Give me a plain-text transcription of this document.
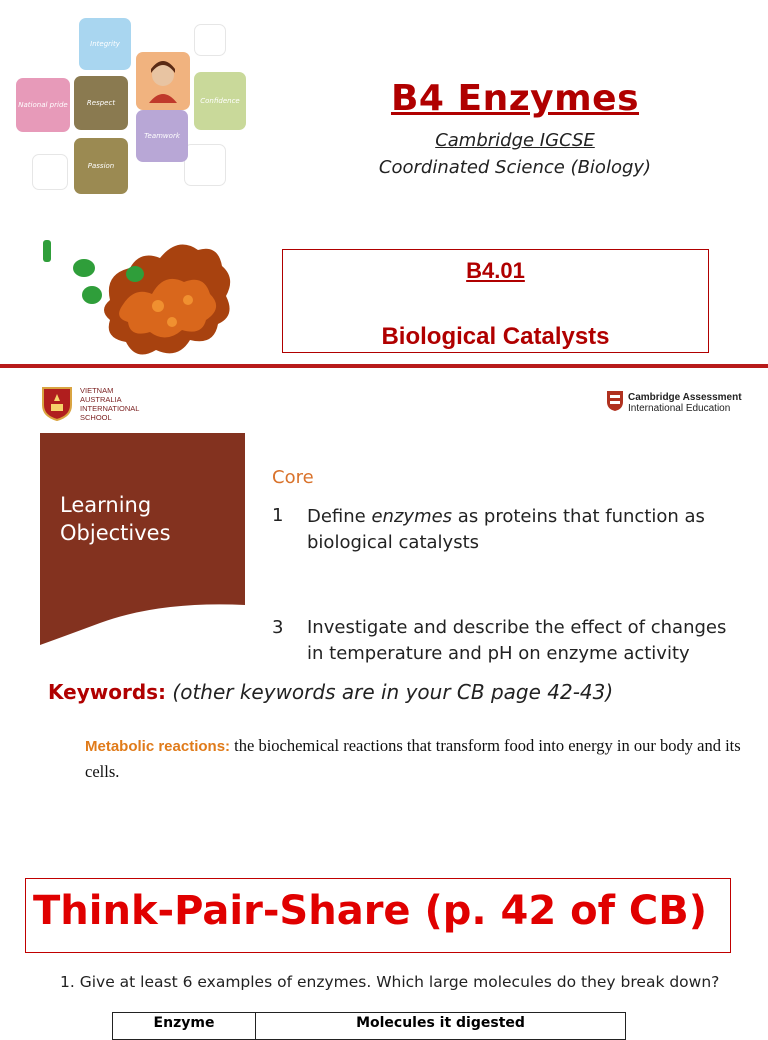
Integrity
National pride	Respect
Teamwork
Confidence
Passion
B4 Enzymes
Cambridge IGCSE
Coordinated Science (Biology)
B4.01
Biological Catalysts
VIETNAM
AUSTRALIA
INTERNATIONAL
SCHOOL
Cambridge Assessment
International Education
Learning
Objectives
Core
1 Define enzymes as proteins that function as biological catalysts
3 Investigate and describe the effect of changes in temperature and pH on enzyme activity
Keywords: (other keywords are in your CB page 42-43)
Metabolic reactions: the biochemical reactions that transform food into energy in our body and its cells.
Think-Pair-Share (p. 42 of CB)
1. Give at least 6 examples of enzymes. Which large molecules do they break down?
Enzyme	Molecules it digested
